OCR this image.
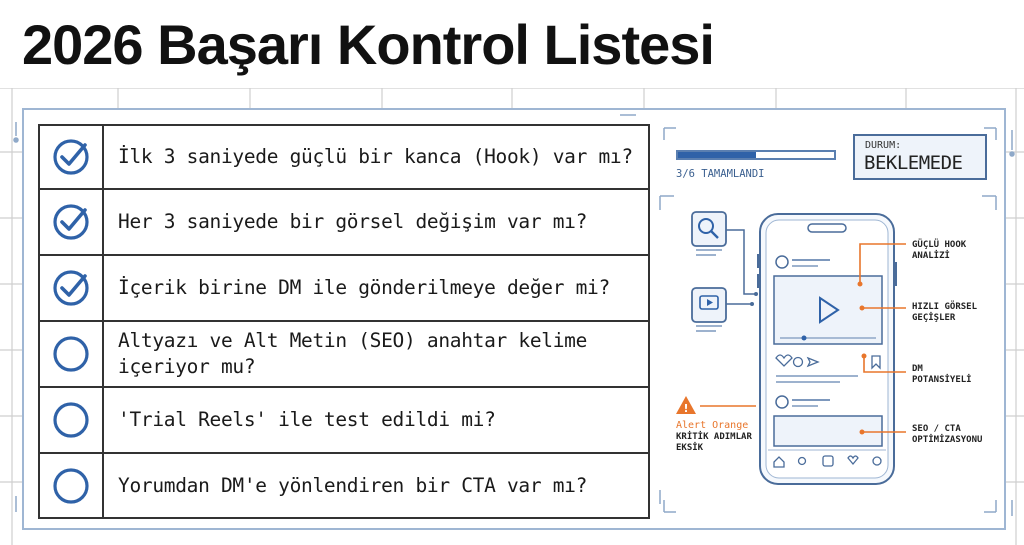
2026 Başarı Kontrol Listesi
İlk 3 saniyede güçlü bir kanca (Hook) var mı?
Her 3 saniyede bir görsel değişim var mı?
İçerik birine DM ile gönderilmeye değer mi?
Altyazı ve Alt Metin (SEO) anahtar kelime içeriyor mu?
'Trial Reels' ile test edildi mi?
Yorumdan DM'e yönlendiren bir CTA var mı?
3/6 TAMAMLANDI
DURUM:
BEKLEMEDE
!
GÜÇLÜ HOOK
ANALİZİ
HIZLI GÖRSEL
GEÇİŞLER
DM
POTANSİYELİ
SEO / CTA
OPTİMİZASYONU
Alert Orange
KRİTİK ADIMLAR
EKSİK
